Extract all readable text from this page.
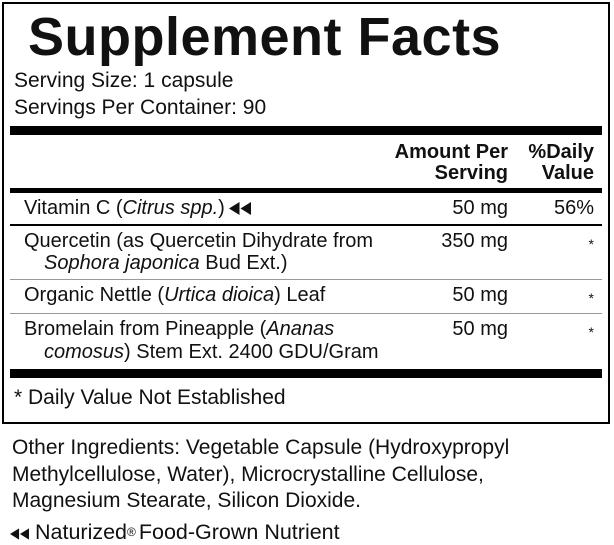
Supplement Facts
Serving Size: 1 capsule
Servings Per Container: 90
Amount Per
Serving
%Daily
Value
Vitamin C (Citrus spp.)	50 mg	56%
Quercetin (as Quercetin Dihydrate from
Sophora japonica Bud Ext.)
350 mg	*
Organic Nettle (Urtica dioica) Leaf	50 mg	*
Bromelain from Pineapple (Ananas
comosus) Stem Ext. 2400 GDU/Gram
50 mg	*
* Daily Value Not Established

Other Ingredients: Vegetable Capsule (Hydroxypropyl Methylcellulose, Water), Microcrystalline Cellulose, Magnesium Stearate, Silicon Dioxide.

Naturized ® Food-Grown Nutrient
